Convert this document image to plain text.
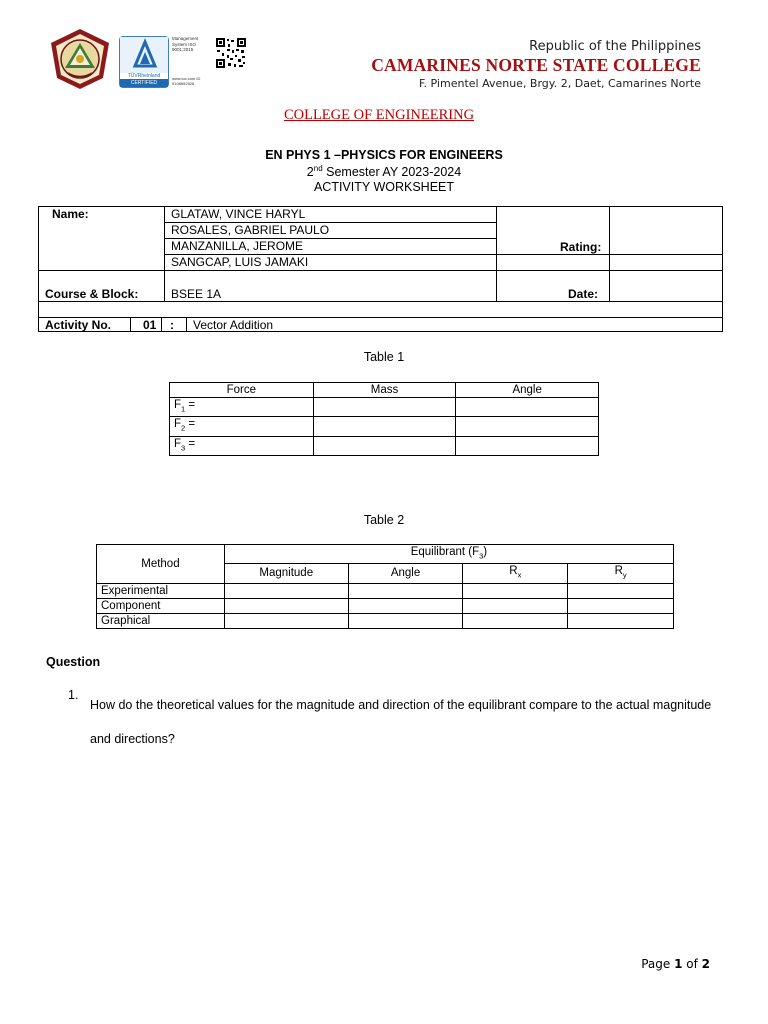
TÜVRheinland
CERTIFIED
Management System ISO 9001:2015
www.tuv.com ID 9108652526
Republic of the Philippines
CAMARINES NORTE STATE COLLEGE
F. Pimentel Avenue, Brgy. 2, Daet, Camarines Norte
COLLEGE OF ENGINEERING
EN PHYS 1 –PHYSICS FOR ENGINEERS
2nd Semester AY 2023-2024
ACTIVITY WORKSHEET
Name:	GLATAW, VINCE HARYL
ROSALES, GABRIEL PAULO
MANZANILLA, JEROME
SANGCAP, LUIS JAMAKI
Rating:
Course & Block:	BSEE 1A	Date:
Activity No.	01 : Vector Addition
Table 1
Force	Mass	Angle
$F_1$ =		
$F_2$ =		
$F_3$ =		
Table 2
Method	Equilibrant $(F_3)$			
	Magnitude	Angle	$R_x$	$R_y$
Experimental				
Component				
Graphical				
Question
1.
How do the theoretical values for the magnitude and direction of the equilibrant compare to the actual magnitude and directions?
Page 1 of 2
